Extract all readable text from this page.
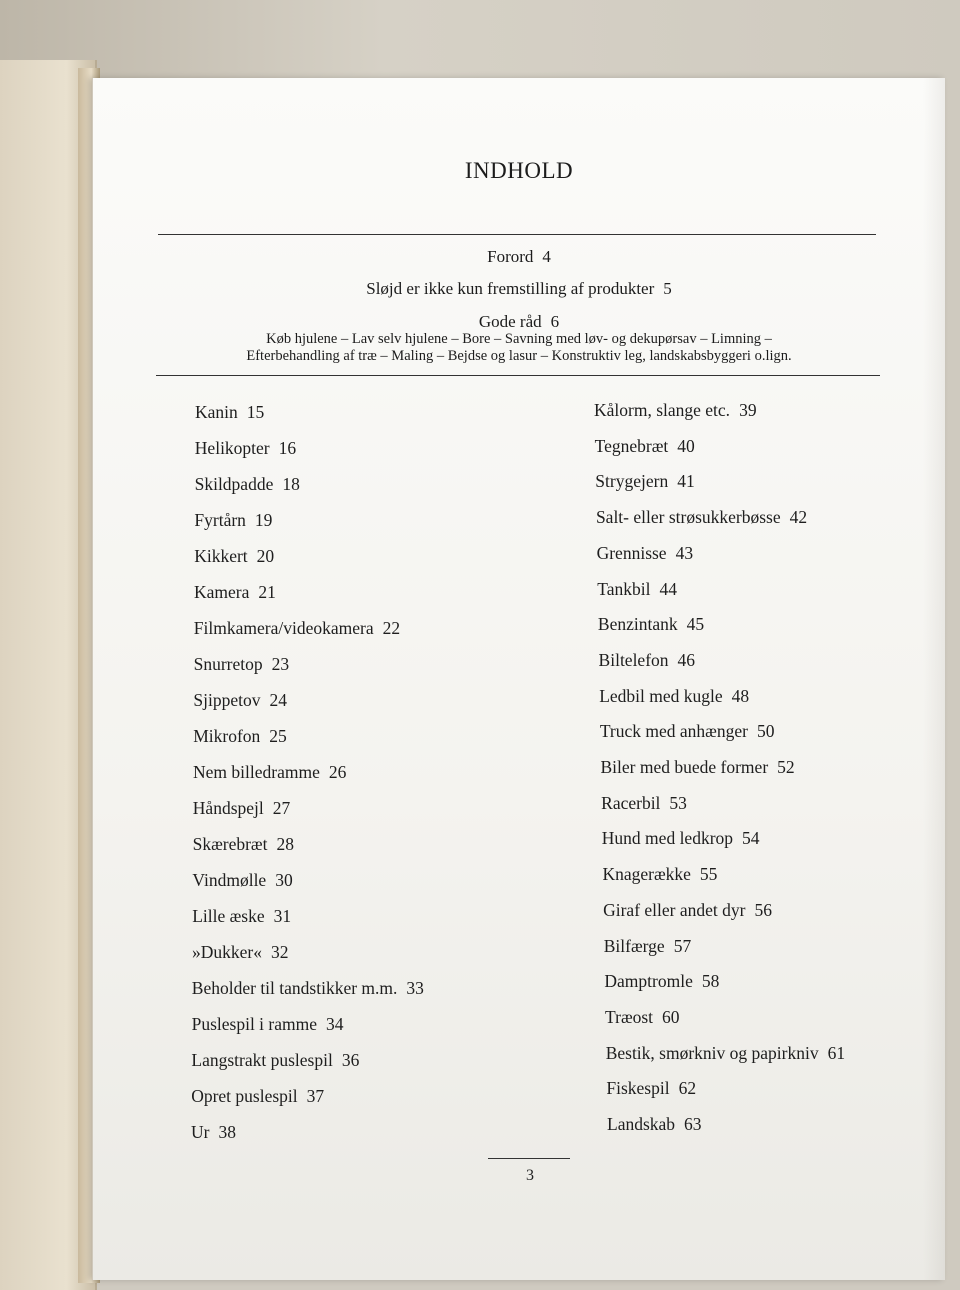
INDHOLD
Forord 4
Sløjd er ikke kun fremstilling af produkter 5
Gode råd 6
Køb hjulene – Lav selv hjulene – Bore – Savning med løv- og dekupørsav – Limning –
Efterbehandling af træ – Maling – Bejdse og lasur – Konstruktiv leg, landskabsbyggeri o.lign.
Kanin 15
Helikopter 16
Skildpadde 18
Fyrtårn 19
Kikkert 20
Kamera 21
Filmkamera/videokamera 22
Snurretop 23
Sjippetov 24
Mikrofon 25
Nem billedramme 26
Håndspejl 27
Skærebræt 28
Vindmølle 30
Lille æske 31
»Dukker« 32
Beholder til tandstikker m.m. 33
Puslespil i ramme 34
Langstrakt puslespil 36
Opret puslespil 37
Ur 38
Kålorm, slange etc. 39
Tegnebræt 40
Strygejern 41
Salt- eller strøsukkerbøsse 42
Grennisse 43
Tankbil 44
Benzintank 45
Biltelefon 46
Ledbil med kugle 48
Truck med anhænger 50
Biler med buede former 52
Racerbil 53
Hund med ledkrop 54
Knagerække 55
Giraf eller andet dyr 56
Bilfærge 57
Damptromle 58
Træost 60
Bestik, smørkniv og papirkniv 61
Fiskespil 62
Landskab 63
3
